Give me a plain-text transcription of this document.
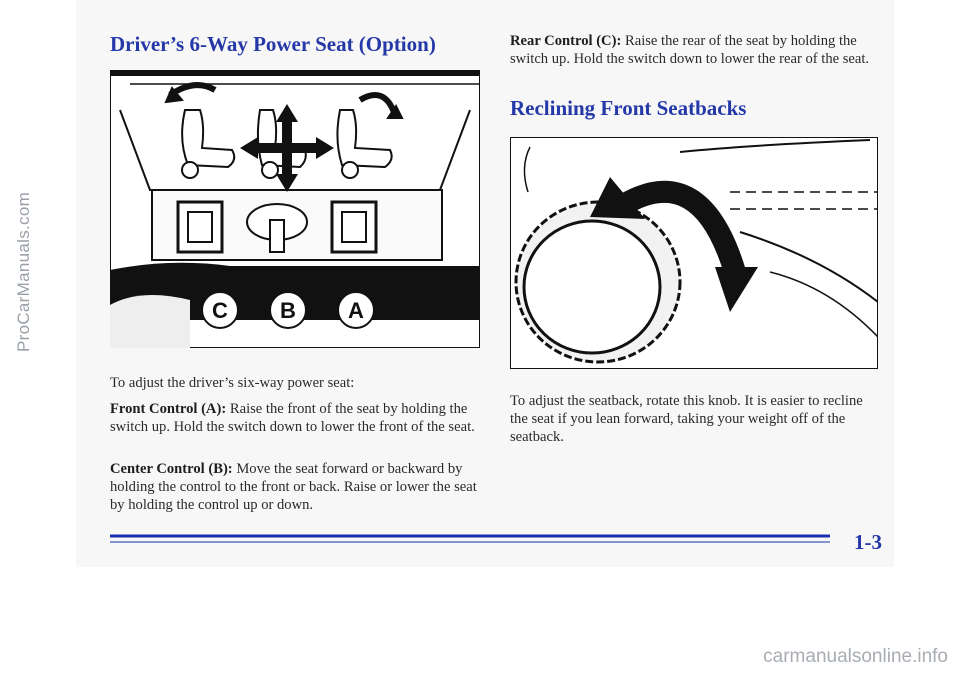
Driver’s 6-Way Power Seat (Option)
C B A

To adjust the driver’s six-way power seat:

Front Control (A): Raise the front of the seat by holding the switch up. Hold the switch down to lower the front of the seat.

Center Control (B): Move the seat forward or backward by holding the control to the front or back. Raise or lower the seat by holding the control up or down.

Rear Control (C): Raise the rear of the seat by holding the switch up. Hold the switch down to lower the rear of the seat.

Reclining Front Seatbacks

To adjust the seatback, rotate this knob. It is easier to recline the seat if you lean forward, taking your weight off of the seatback.

1-3
ProCarManuals.com
carmanualsonline.info
